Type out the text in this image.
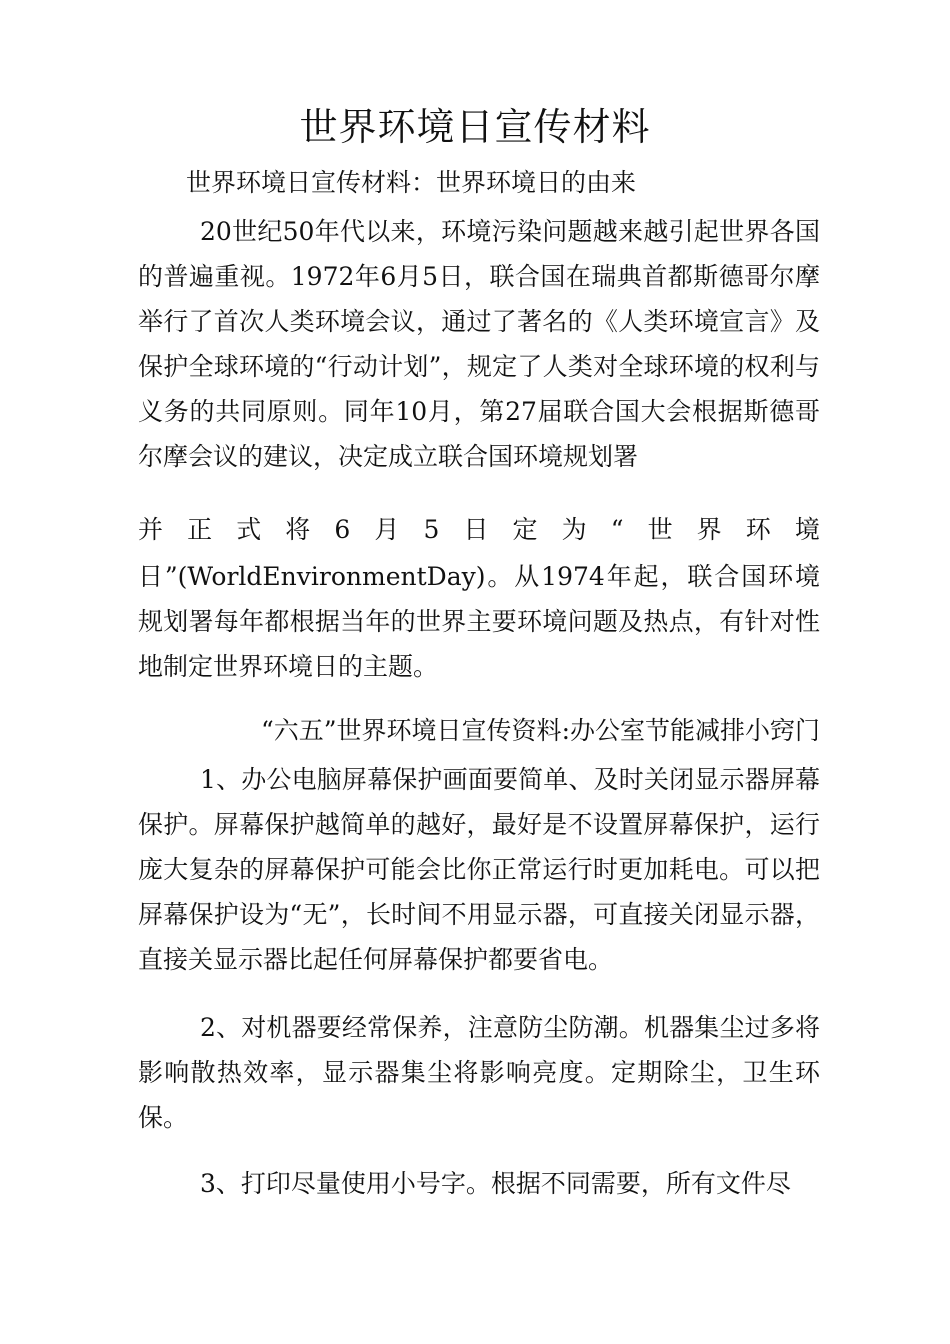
世界环境日宣传材料

世界环境日宣传材料：世界环境日的由来

20世纪50年代以来，环境污染问题越来越引起世界各国的普遍重视。1972年6月5日，联合国在瑞典首都斯德哥尔摩举行了首次人类环境会议，通过了著名的《人类环境宣言》及保护全球环境的“行动计划”，规定了人类对全球环境的权利与义务的共同原则。同年10月，第27届联合国大会根据斯德哥尔摩会议的建议，决定成立联合国环境规划署

并 正 式 将 6 月 5 日 定 为 “ 世 界 环 境

日”(WorldEnvironmentDay)。从1974年起，联合国环境规划署每年都根据当年的世界主要环境问题及热点，有针对性地制定世界环境日的主题。

“六五”世界环境日宣传资料:办公室节能减排小窍门

1、办公电脑屏幕保护画面要简单、及时关闭显示器屏幕保护。屏幕保护越简单的越好，最好是不设置屏幕保护，运行庞大复杂的屏幕保护可能会比你正常运行时更加耗电。可以把屏幕保护设为“无”，长时间不用显示器，可直接关闭显示器，直接关显示器比起任何屏幕保护都要省电。

2、对机器要经常保养，注意防尘防潮。机器集尘过多将影响散热效率，显示器集尘将影响亮度。定期除尘，卫生环保。

3、打印尽量使用小号字。根据不同需要，所有文件尽
